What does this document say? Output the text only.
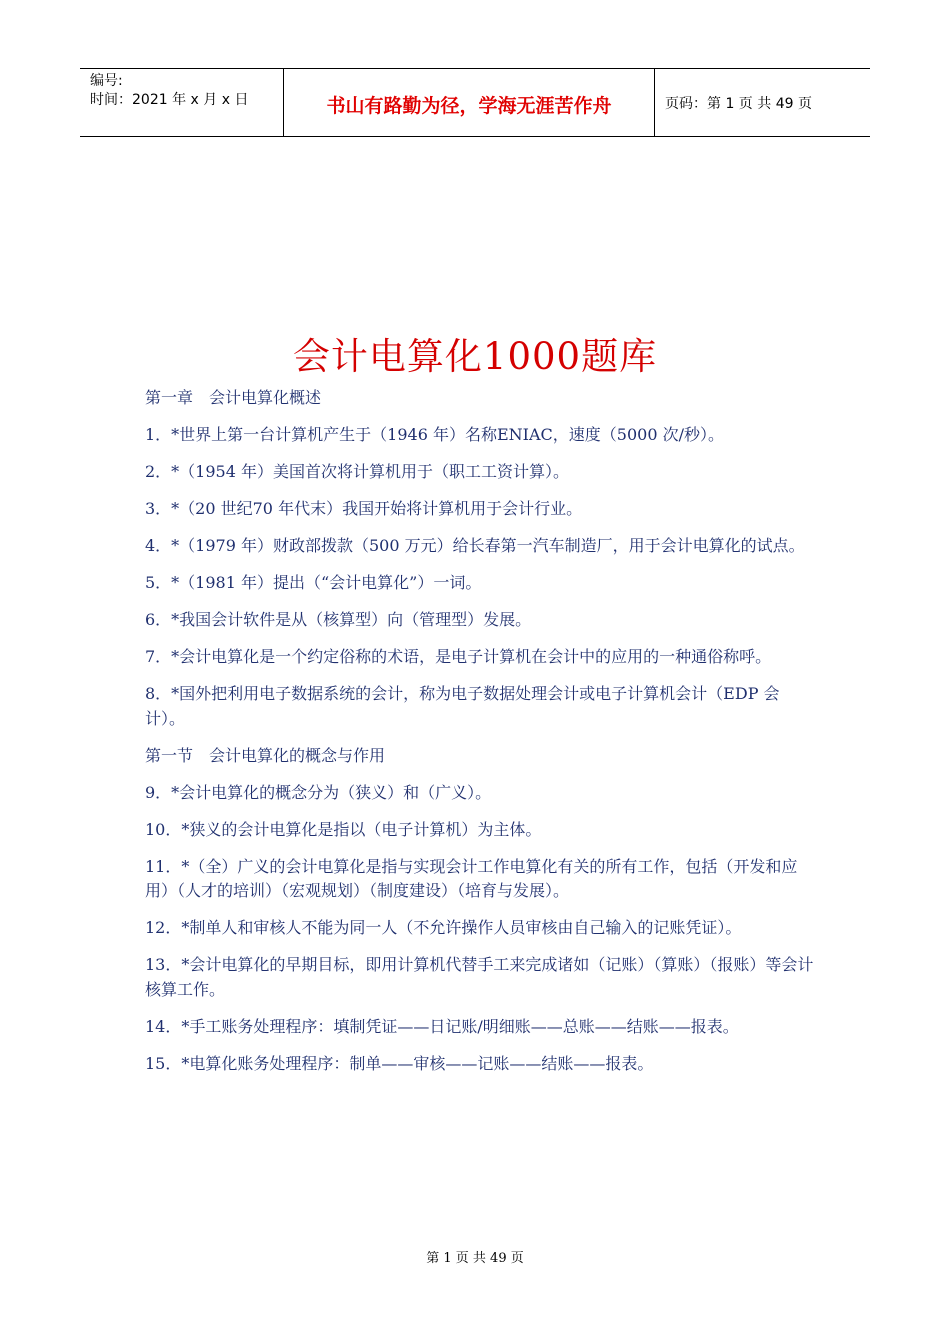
编号:
时间：2021 年 x 月 x 日	书山有路勤为径，学海无涯苦作舟	页码：第 1 页 共 49 页
会计电算化1000题库

第一章　会计电算化概述

1．*世界上第一台计算机产生于（1946 年）名称ENIAC，速度（5000 次/秒）。

2．*（1954 年）美国首次将计算机用于（职工工资计算）。

3．*（20 世纪70 年代末）我国开始将计算机用于会计行业。

4．*（1979 年）财政部拨款（500 万元）给长春第一汽车制造厂，用于会计电算化的试点。

5．*（1981 年）提出（“会计电算化”）一词。

6．*我国会计软件是从（核算型）向（管理型）发展。

7．*会计电算化是一个约定俗称的术语，是电子计算机在会计中的应用的一种通俗称呼。

8．*国外把利用电子数据系统的会计，称为电子数据处理会计或电子计算机会计（EDP 会计）。

第一节　会计电算化的概念与作用

9．*会计电算化的概念分为（狭义）和（广义）。

10．*狭义的会计电算化是指以（电子计算机）为主体。

11．*（全）广义的会计电算化是指与实现会计工作电算化有关的所有工作，包括（开发和应用）（人才的培训）（宏观规划）（制度建设）（培育与发展）。

12．*制单人和审核人不能为同一人（不允许操作人员审核由自己输入的记账凭证）。

13．*会计电算化的早期目标，即用计算机代替手工来完成诸如（记账）（算账）（报账）等会计核算工作。

14．*手工账务处理程序：填制凭证——日记账/明细账——总账——结账——报表。

15．*电算化账务处理程序：制单——审核——记账——结账——报表。

第 1 页 共 49 页
